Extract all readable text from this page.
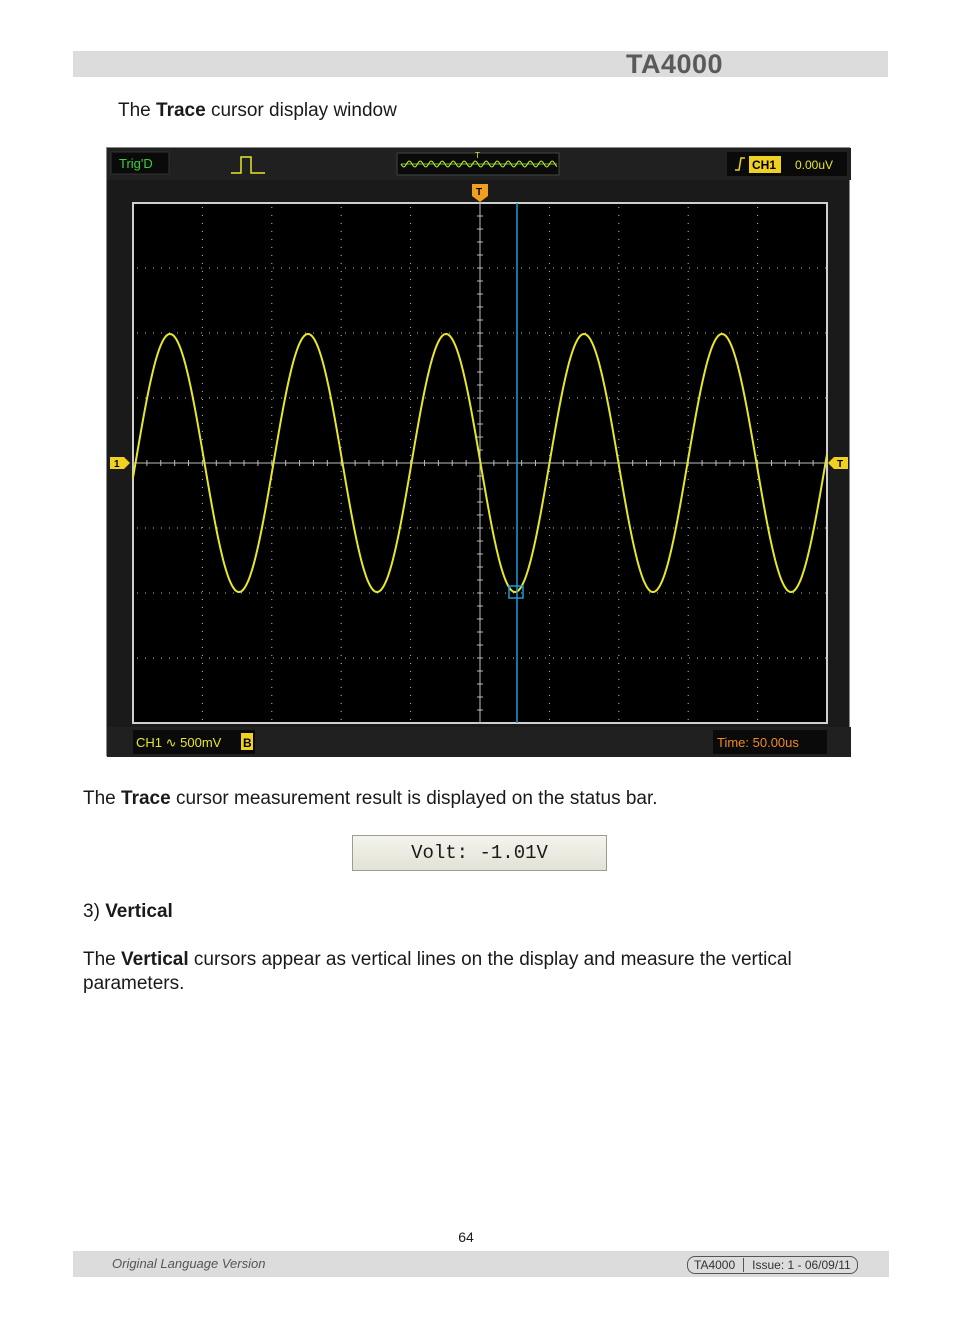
TA4000
The Trace cursor display window
Trig'D
T
CH1 0.00uV
T
1	T
CH1 ∿ 500mV B	Time: 50.00us
The Trace cursor measurement result is displayed on the status bar.
Volt: -1.01V
3) Vertical
The Vertical cursors appear as vertical lines on the display and measure the vertical parameters.
64
Original Language Version	TA4000 Issue: 1 - 06/09/11
